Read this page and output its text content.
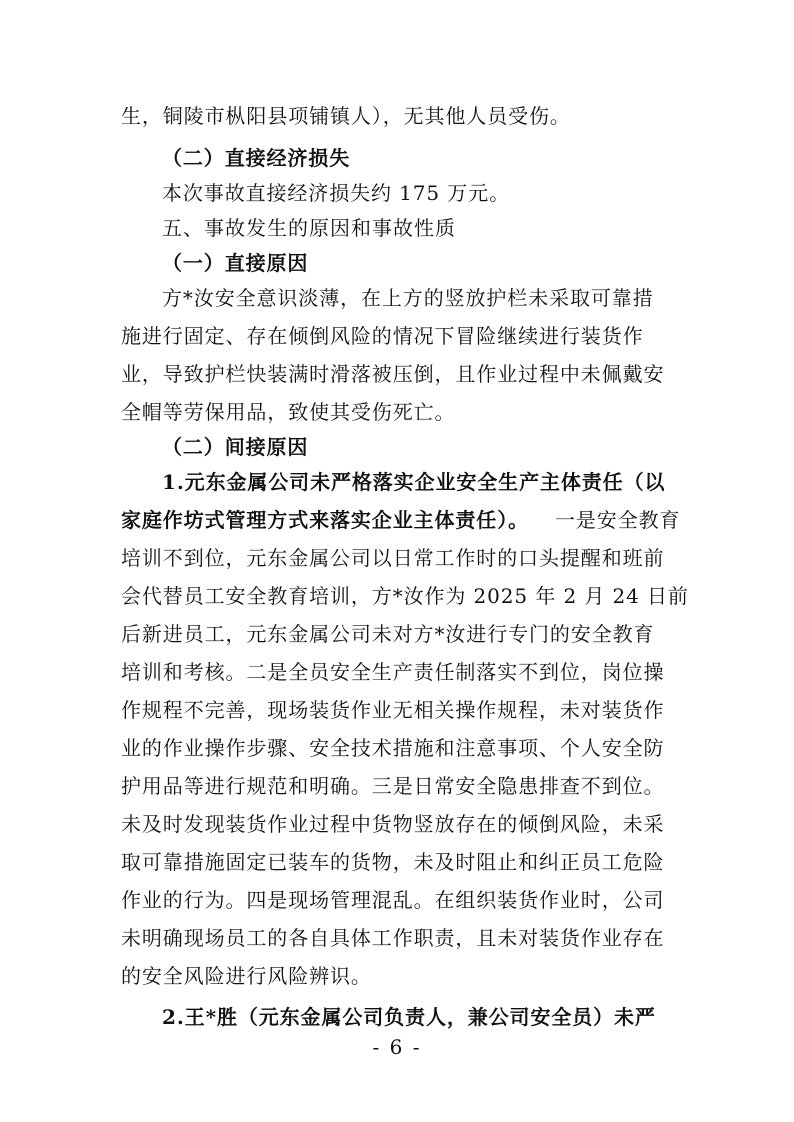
生，铜陵市枞阳县项铺镇人），无其他人员受伤。
（二）直接经济损失
本次事故直接经济损失约 175 万元。
五、事故发生的原因和事故性质
（一）直接原因
方*汝安全意识淡薄，在上方的竖放护栏未采取可靠措
施进行固定、存在倾倒风险的情况下冒险继续进行装货作
业，导致护栏快装满时滑落被压倒，且作业过程中未佩戴安
全帽等劳保用品，致使其受伤死亡。
（二）间接原因
1.元东金属公司未严格落实企业安全生产主体责任（以
家庭作坊式管理方式来落实企业主体责任）。 一是安全教育
培训不到位，元东金属公司以日常工作时的口头提醒和班前
会代替员工安全教育培训，方*汝作为 2025 年 2 月 24 日前
后新进员工，元东金属公司未对方*汝进行专门的安全教育
培训和考核。二是全员安全生产责任制落实不到位，岗位操
作规程不完善，现场装货作业无相关操作规程，未对装货作
业的作业操作步骤、安全技术措施和注意事项、个人安全防
护用品等进行规范和明确。三是日常安全隐患排查不到位。
未及时发现装货作业过程中货物竖放存在的倾倒风险，未采
取可靠措施固定已装车的货物，未及时阻止和纠正员工危险
作业的行为。四是现场管理混乱。在组织装货作业时，公司
未明确现场员工的各自具体工作职责，且未对装货作业存在
的安全风险进行风险辨识。
2.王*胜（元东金属公司负责人，兼公司安全员）未严
- 6 -
